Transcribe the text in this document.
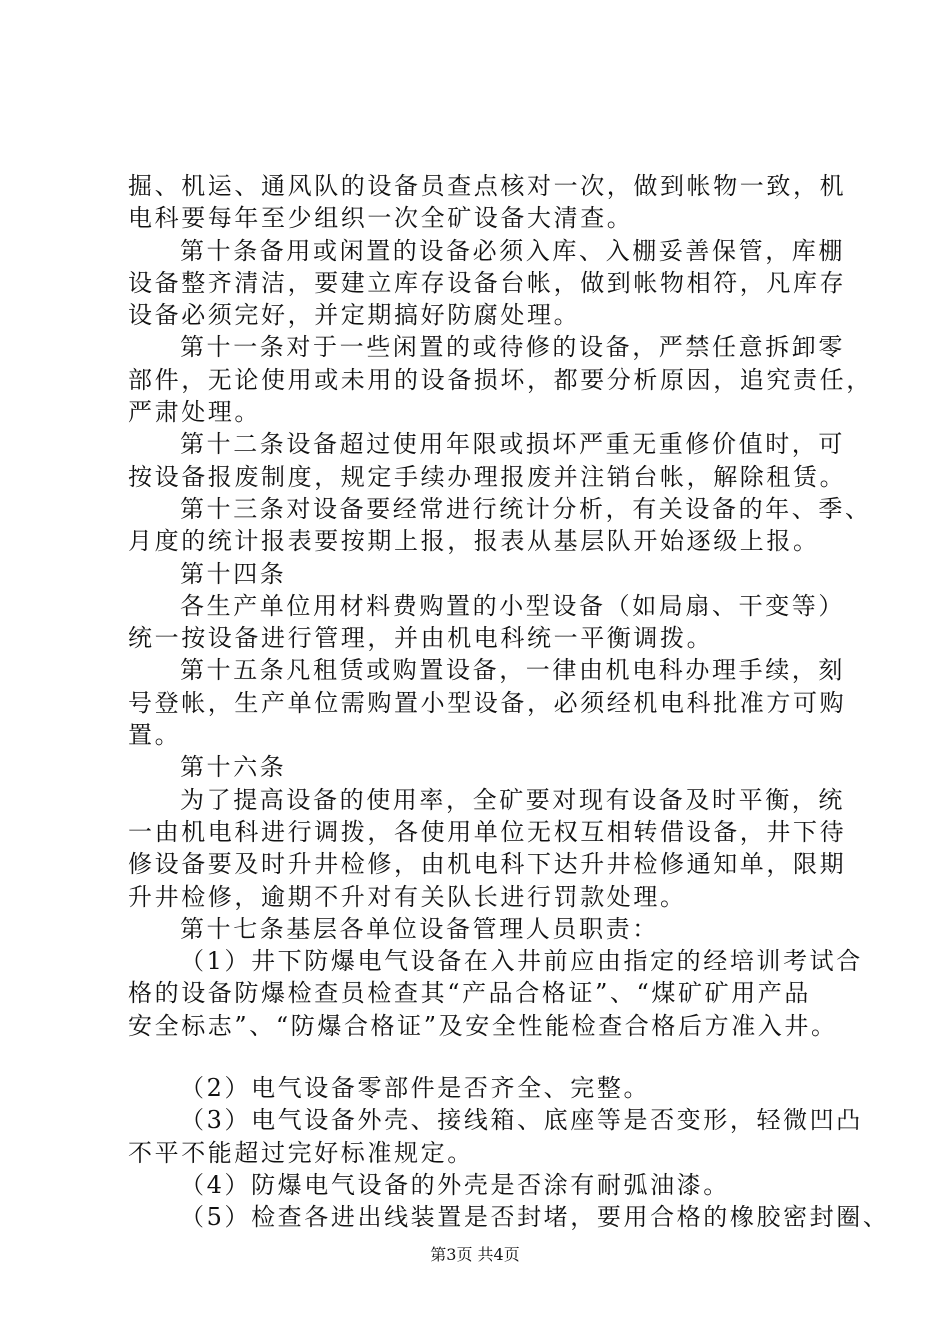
掘、机运、通风队的设备员查点核对一次，做到帐物一致，机
电科要每年至少组织一次全矿设备大清查。
第十条备用或闲置的设备必须入库、入棚妥善保管，库棚
设备整齐清洁，要建立库存设备台帐，做到帐物相符，凡库存
设备必须完好，并定期搞好防腐处理。
第十一条对于一些闲置的或待修的设备，严禁任意拆卸零
部件，无论使用或未用的设备损坏，都要分析原因，追究责任，
严肃处理。
第十二条设备超过使用年限或损坏严重无重修价值时，可
按设备报废制度，规定手续办理报废并注销台帐，解除租赁。
第十三条对设备要经常进行统计分析，有关设备的年、季、
月度的统计报表要按期上报，报表从基层队开始逐级上报。
第十四条
各生产单位用材料费购置的小型设备（如局扇、干变等）
统一按设备进行管理，并由机电科统一平衡调拨。
第十五条凡租赁或购置设备，一律由机电科办理手续，刻
号登帐，生产单位需购置小型设备，必须经机电科批准方可购
置。
第十六条
为了提高设备的使用率，全矿要对现有设备及时平衡，统
一由机电科进行调拨，各使用单位无权互相转借设备，井下待
修设备要及时升井检修，由机电科下达升井检修通知单，限期
升井检修，逾期不升对有关队长进行罚款处理。
第十七条基层各单位设备管理人员职责：
（1）井下防爆电气设备在入井前应由指定的经培训考试合
格的设备防爆检查员检查其“产品合格证”、“煤矿矿用产品
安全标志”、“防爆合格证”及安全性能检查合格后方准入井。
（2）电气设备零部件是否齐全、完整。
（3）电气设备外壳、接线箱、底座等是否变形，轻微凹凸
不平不能超过完好标准规定。
（4）防爆电气设备的外壳是否涂有耐弧油漆。
（5）检查各进出线装置是否封堵，要用合格的橡胶密封圈、
第3页 共4页
